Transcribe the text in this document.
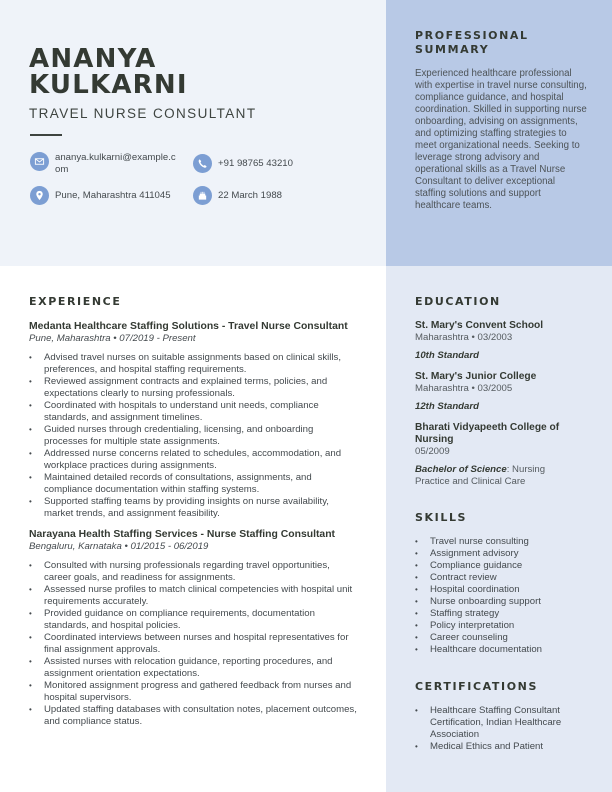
ANANYA
KULKARNI
TRAVEL NURSE CONSULTANT
ananya.kulkarni@example.c
om
+91 98765 43210
Pune, Maharashtra 411045	22 March 1988
PROFESSIONAL
SUMMARY
Experienced healthcare professional with expertise in travel nurse consulting, compliance guidance, and hospital coordination. Skilled in supporting nurse onboarding, advising on assignments, and optimizing staffing strategies to meet organizational needs. Seeking to leverage strong advisory and operational skills as a Travel Nurse Consultant to deliver exceptional staffing solutions and support healthcare teams.
EXPERIENCE
Medanta Healthcare Staffing Solutions - Travel Nurse Consultant
Pune, Maharashtra • 07/2019 - Present
• Advised travel nurses on suitable assignments based on clinical skills, preferences, and hospital staffing requirements.
• Reviewed assignment contracts and explained terms, policies, and expectations clearly to nursing professionals.
• Coordinated with hospitals to understand unit needs, compliance standards, and assignment timelines.
• Guided nurses through credentialing, licensing, and onboarding processes for multiple state assignments.
• Addressed nurse concerns related to schedules, accommodation, and workplace practices during assignments.
• Maintained detailed records of consultations, assignments, and compliance documentation within staffing systems.
• Supported staffing teams by providing insights on nurse availability, market trends, and assignment feasibility.
Narayana Health Staffing Services - Nurse Staffing Consultant
Bengaluru, Karnataka • 01/2015 - 06/2019
• Consulted with nursing professionals regarding travel opportunities, career goals, and readiness for assignments.
• Assessed nurse profiles to match clinical competencies with hospital unit requirements accurately.
• Provided guidance on compliance requirements, documentation standards, and hospital policies.
• Coordinated interviews between nurses and hospital representatives for final assignment approvals.
• Assisted nurses with relocation guidance, reporting procedures, and assignment orientation expectations.
• Monitored assignment progress and gathered feedback from nurses and hospital supervisors.
• Updated staffing databases with consultation notes, placement outcomes, and compliance status.
EDUCATION
St. Mary's Convent School
Maharashtra • 03/2003
10th Standard
St. Mary's Junior College
Maharashtra • 03/2005
12th Standard
Bharati Vidyapeeth College of Nursing
05/2009
Bachelor of Science: Nursing Practice and Clinical Care
SKILLS
• Travel nurse consulting
• Assignment advisory
• Compliance guidance
• Contract review
• Hospital coordination
• Nurse onboarding support
• Staffing strategy
• Policy interpretation
• Career counseling
• Healthcare documentation
CERTIFICATIONS
• Healthcare Staffing Consultant Certification, Indian Healthcare Association
• Medical Ethics and Patient
